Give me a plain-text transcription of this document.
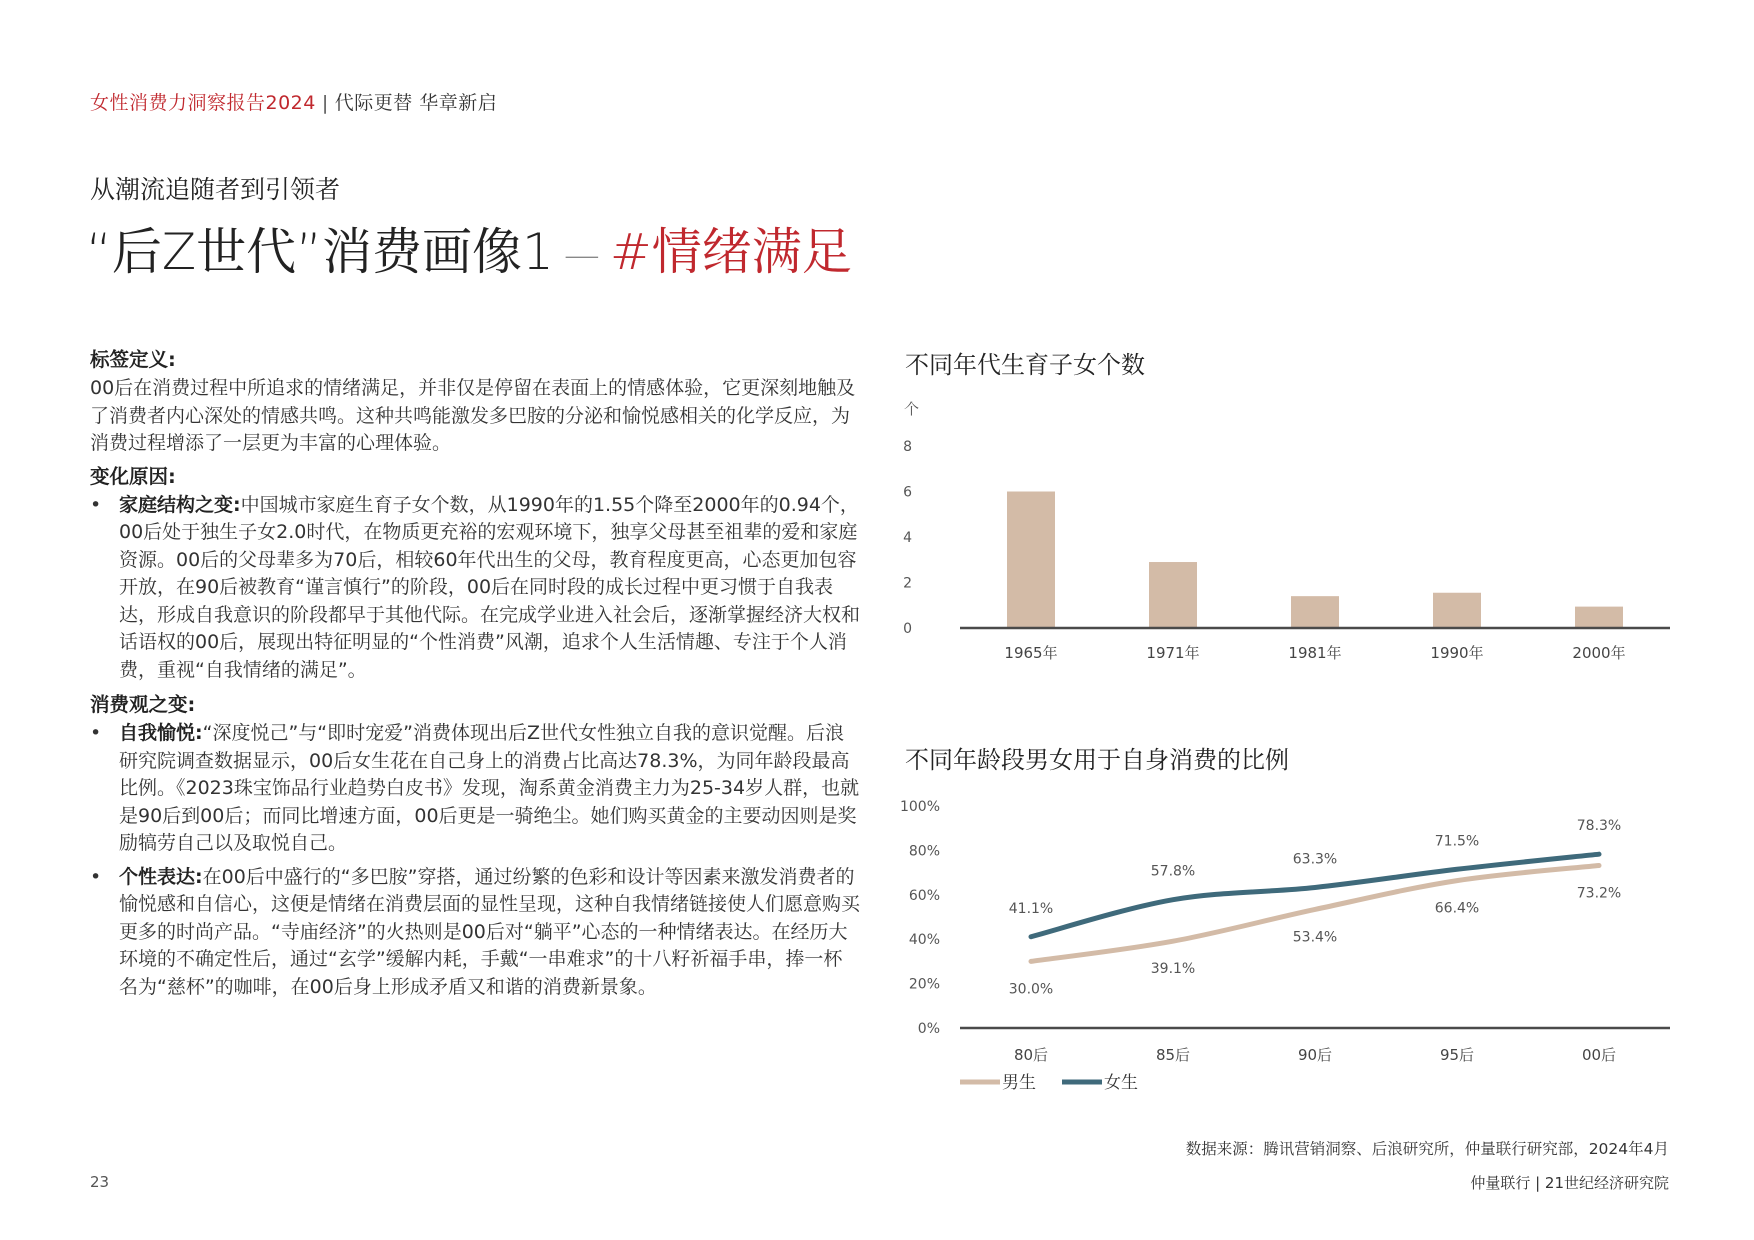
女性消费力洞察报告2024 | 代际更替 华章新启
从潮流追随者到引领者
“后Z世代”消费画像1 — #情绪满足
标签定义:

00后在消费过程中所追求的情绪满足，并非仅是停留在表面上的情感体验，它更深刻地触及了消费者内心深处的情感共鸣。这种共鸣能激发多巴胺的分泌和愉悦感相关的化学反应，为消费过程增添了一层更为丰富的心理体验。

变化原因:
• 家庭结构之变:中国城市家庭生育子女个数，从1990年的1.55个降至2000年的0.94个，00后处于独生子女2.0时代，在物质更充裕的宏观环境下，独享父母甚至祖辈的爱和家庭资源。00后的父母辈多为70后，相较60年代出生的父母，教育程度更高，心态更加包容开放，在90后被教育“谨言慎行”的阶段，00后在同时段的成长过程中更习惯于自我表达，形成自我意识的阶段都早于其他代际。在完成学业进入社会后，逐渐掌握经济大权和话语权的00后，展现出特征明显的“个性消费”风潮，追求个人生活情趣、专注于个人消费，重视“自我情绪的满足”。
消费观之变:
• 自我愉悦:“深度悦己”与“即时宠爱”消费体现出后Z世代女性独立自我的意识觉醒。后浪研究院调查数据显示，00后女生花在自己身上的消费占比高达78.3%，为同年龄段最高比例。《2023珠宝饰品行业趋势白皮书》发现，淘系黄金消费主力为25-34岁人群，也就是90后到00后；而同比增速方面，00后更是一骑绝尘。她们购买黄金的主要动因则是奖励犒劳自己以及取悦自己。
• 个性表达:在00后中盛行的“多巴胺”穿搭，通过纷繁的色彩和设计等因素来激发消费者的愉悦感和自信心，这便是情绪在消费层面的显性呈现，这种自我情绪链接使人们愿意购买更多的时尚产品。“寺庙经济”的火热则是00后对“躺平”心态的一种情绪表达。在经历大环境的不确定性后，通过“玄学”缓解内耗，手戴“一串难求”的十八籽祈福手串，捧一杯名为“慈杯”的咖啡，在00后身上形成矛盾又和谐的消费新景象。
不同年代生育子女个数
个
0
2
4
6
8
1965年	1971年	1981年	1990年	2000年
不同年龄段男女用于自身消费的比例
0%
20%
40%
60%
80%
100%
30.0%
39.1%
53.4%
66.4%
73.2%
41.1%
57.8%
63.3%
71.5%
78.3%
80后	85后	90后	95后	00后
男生	女生
数据来源：腾讯营销洞察、后浪研究所，仲量联行研究部，2024年4月
23	仲量联行 | 21世纪经济研究院
